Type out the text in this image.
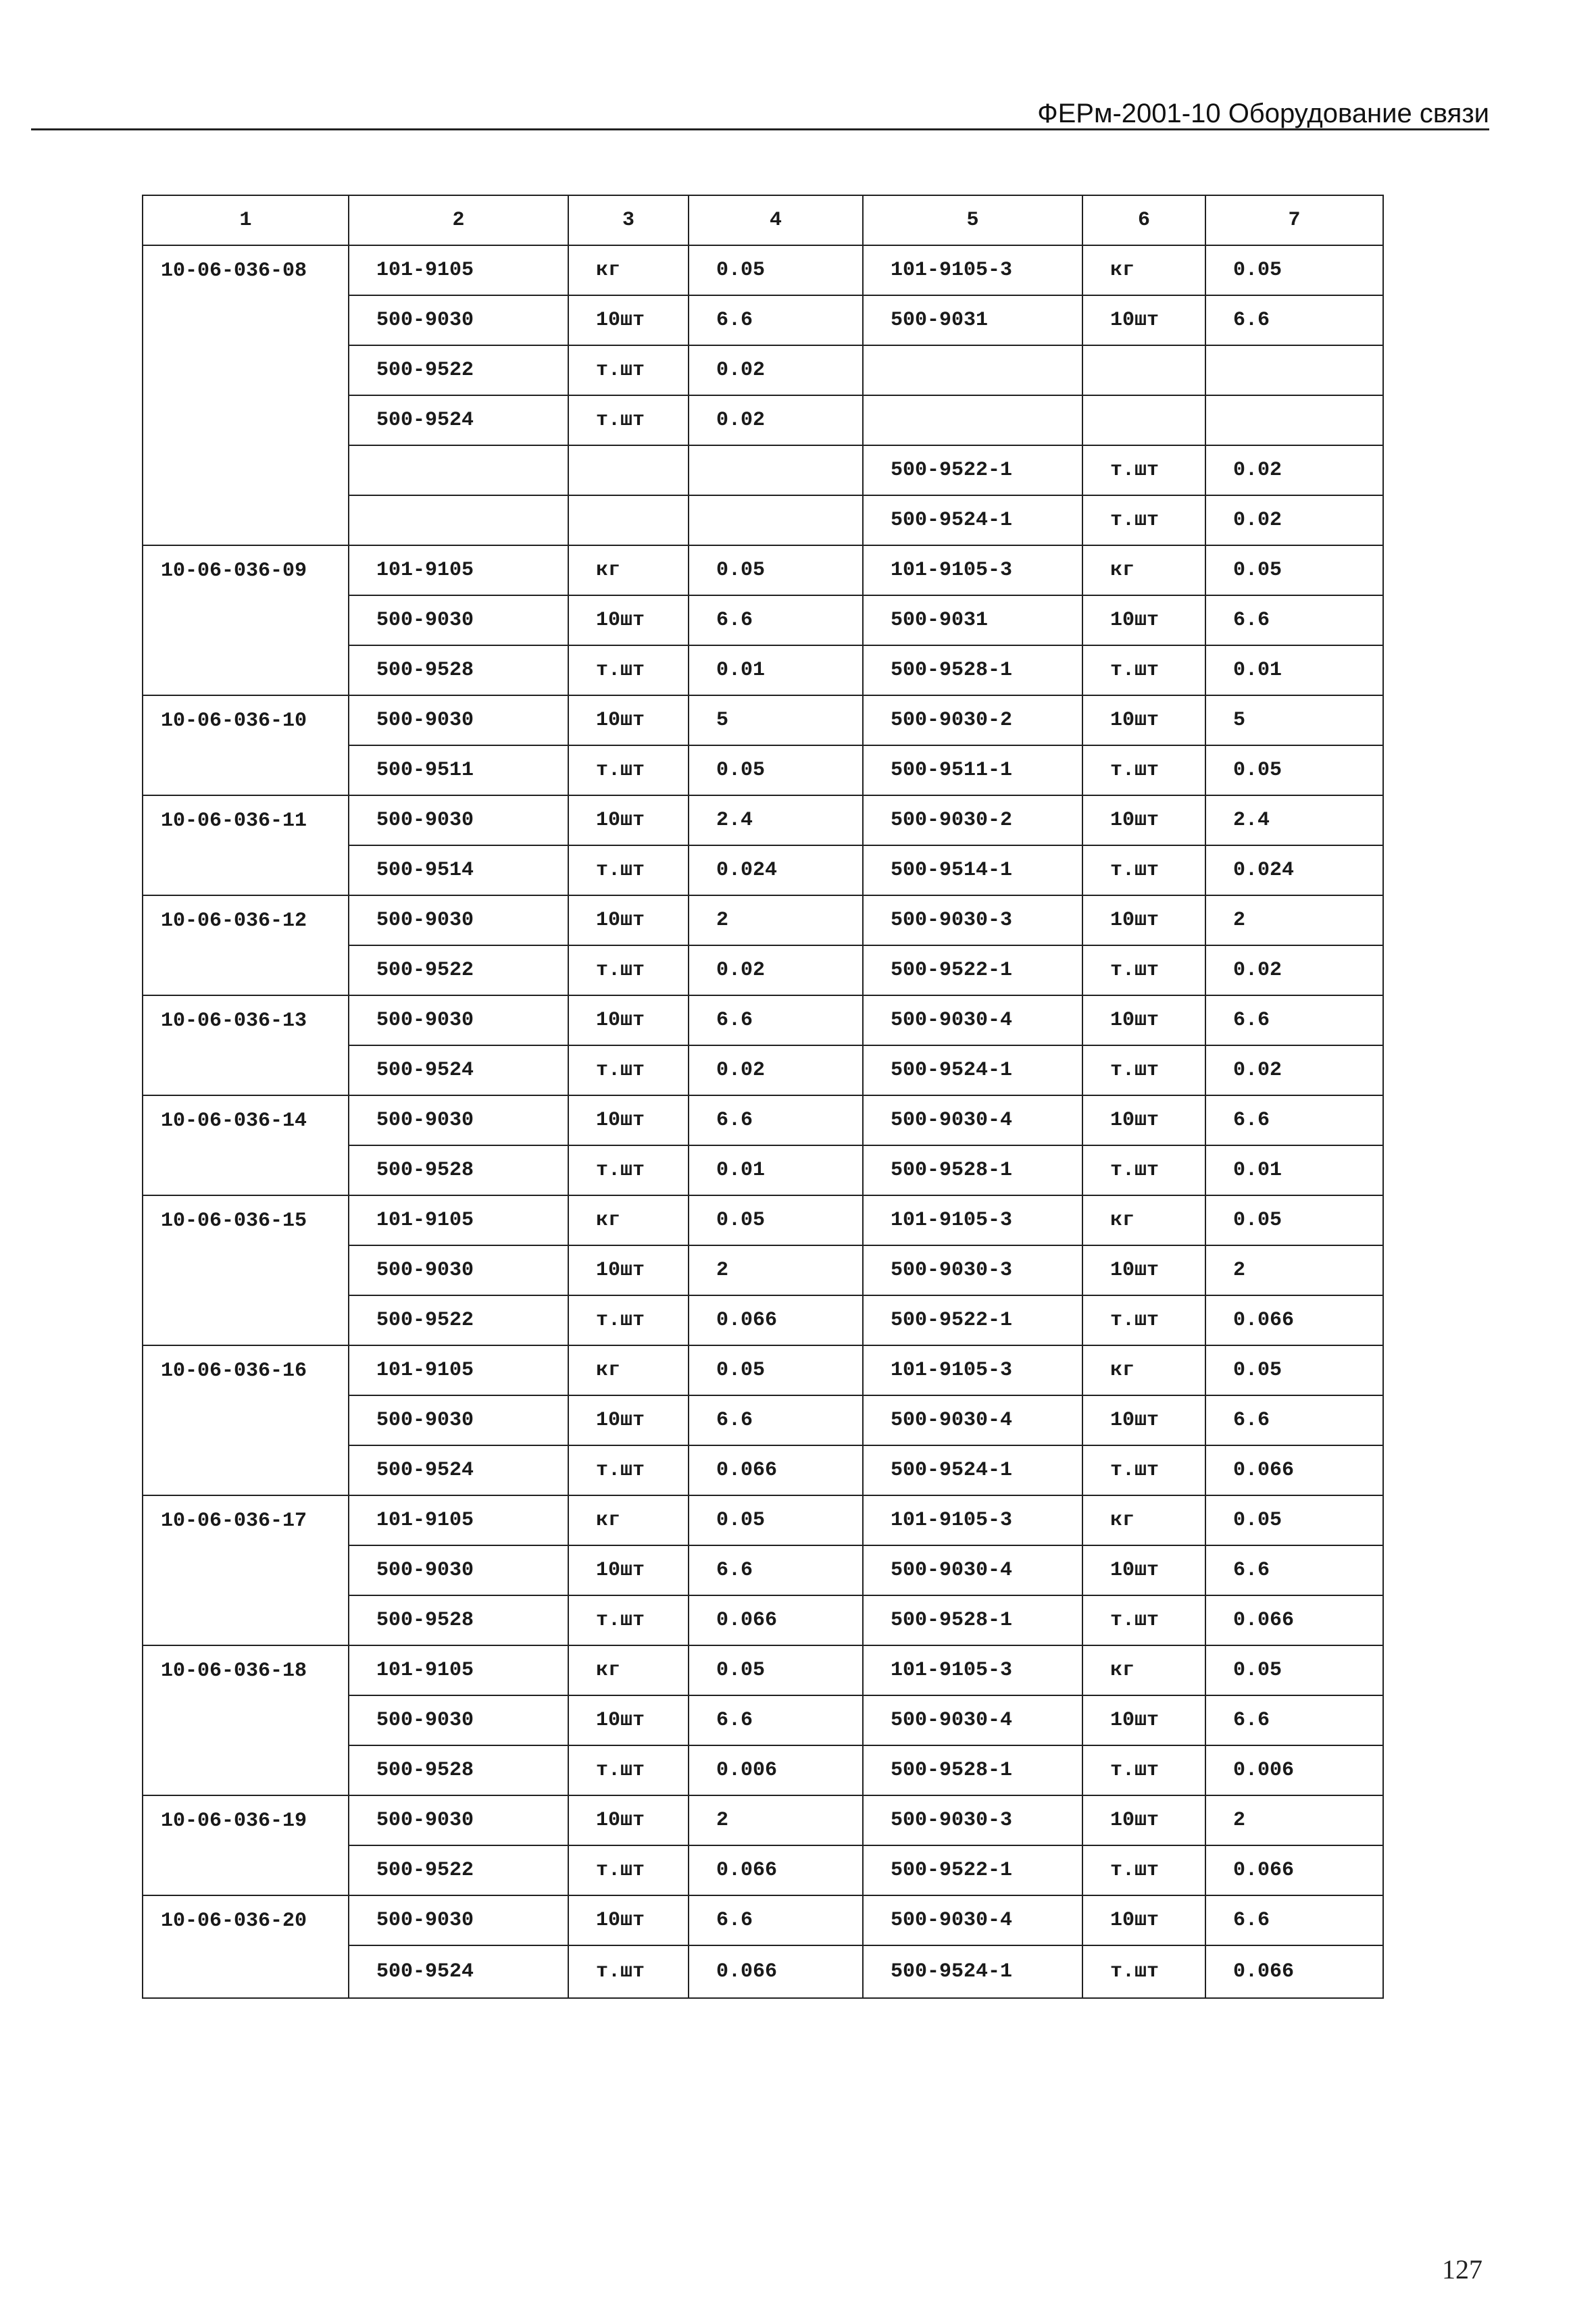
ФЕРм-2001-10 Оборудование связи
1	2	3	4	5	6	7
10-06-036-08	101-9105	кг	0.05	101-9105-3	кг	0.05
	500-9030	10шт	6.6	500-9031	10шт	6.6
	500-9522	т.шт	0.02			
	500-9524	т.шт	0.02			
				500-9522-1	т.шт	0.02
				500-9524-1	т.шт	0.02
10-06-036-09	101-9105	кг	0.05	101-9105-3	кг	0.05
	500-9030	10шт	6.6	500-9031	10шт	6.6
	500-9528	т.шт	0.01	500-9528-1	т.шт	0.01
10-06-036-10	500-9030	10шт	5	500-9030-2	10шт	5
	500-9511	т.шт	0.05	500-9511-1	т.шт	0.05
10-06-036-11	500-9030	10шт	2.4	500-9030-2	10шт	2.4
	500-9514	т.шт	0.024	500-9514-1	т.шт	0.024
10-06-036-12	500-9030	10шт	2	500-9030-3	10шт	2
	500-9522	т.шт	0.02	500-9522-1	т.шт	0.02
10-06-036-13	500-9030	10шт	6.6	500-9030-4	10шт	6.6
	500-9524	т.шт	0.02	500-9524-1	т.шт	0.02
10-06-036-14	500-9030	10шт	6.6	500-9030-4	10шт	6.6
	500-9528	т.шт	0.01	500-9528-1	т.шт	0.01
10-06-036-15	101-9105	кг	0.05	101-9105-3	кг	0.05
	500-9030	10шт	2	500-9030-3	10шт	2
	500-9522	т.шт	0.066	500-9522-1	т.шт	0.066
10-06-036-16	101-9105	кг	0.05	101-9105-3	кг	0.05
	500-9030	10шт	6.6	500-9030-4	10шт	6.6
	500-9524	т.шт	0.066	500-9524-1	т.шт	0.066
10-06-036-17	101-9105	кг	0.05	101-9105-3	кг	0.05
	500-9030	10шт	6.6	500-9030-4	10шт	6.6
	500-9528	т.шт	0.066	500-9528-1	т.шт	0.066
10-06-036-18	101-9105	кг	0.05	101-9105-3	кг	0.05
	500-9030	10шт	6.6	500-9030-4	10шт	6.6
	500-9528	т.шт	0.006	500-9528-1	т.шт	0.006
10-06-036-19	500-9030	10шт	2	500-9030-3	10шт	2
	500-9522	т.шт	0.066	500-9522-1	т.шт	0.066
10-06-036-20	500-9030	10шт	6.6	500-9030-4	10шт	6.6
	500-9524	т.шт	0.066	500-9524-1	т.шт	0.066
127
